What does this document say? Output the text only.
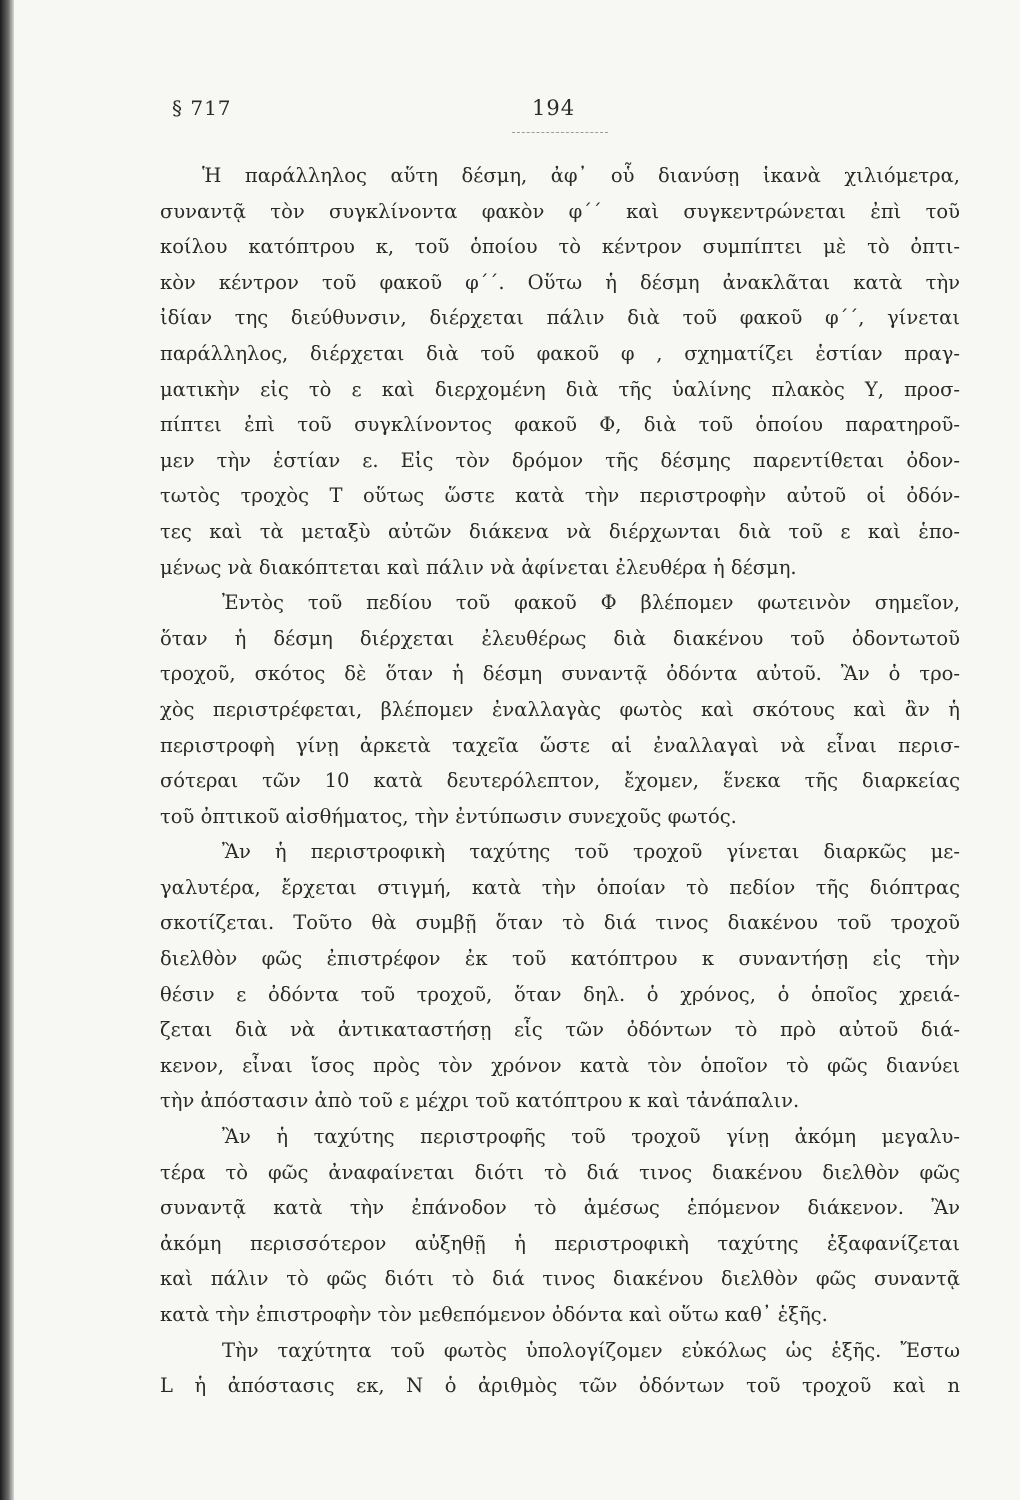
§ 717	194
Ἡ παράλληλος αὕτη δέσμη, ἀφ᾽ οὗ διανύσῃ ἱκανὰ χιλιόμετρα,
συναντᾷ τὸν συγκλίνοντα φακὸν φ΄΄ καὶ συγκεντρώνεται ἐπὶ τοῦ
κοίλου κατόπτρου κ, τοῦ ὁποίου τὸ κέντρον συμπίπτει μὲ τὸ ὀπτι-
κὸν κέντρον τοῦ φακοῦ φ΄΄. Οὕτω ἡ δέσμη ἀνακλᾶται κατὰ τὴν
ἰδίαν της διεύθυνσιν, διέρχεται πάλιν διὰ τοῦ φακοῦ φ΄΄, γίνεται
παράλληλος, διέρχεται διὰ τοῦ φακοῦ φ , σχηματίζει ἑστίαν πραγ-
ματικὴν εἰς τὸ ε καὶ διερχομένη διὰ τῆς ὑαλίνης πλακὸς Υ, προσ-
πίπτει ἐπὶ τοῦ συγκλίνοντος φακοῦ Φ, διὰ τοῦ ὁποίου παρατηροῦ-
μεν τὴν ἑστίαν ε. Εἰς τὸν δρόμον τῆς δέσμης παρεντίθεται ὀδον-
τωτὸς τροχὸς Τ οὕτως ὥστε κατὰ τὴν περιστροφὴν αὐτοῦ οἱ ὀδόν-
τες καὶ τὰ μεταξὺ αὐτῶν διάκενα νὰ διέρχωνται διὰ τοῦ ε καὶ ἑπο-
μένως νὰ διακόπτεται καὶ πάλιν νὰ ἀφίνεται ἐλευθέρα ἡ δέσμη.
Ἐντὸς τοῦ πεδίου τοῦ φακοῦ Φ βλέπομεν φωτεινὸν σημεῖον,
ὅταν ἡ δέσμη διέρχεται ἐλευθέρως διὰ διακένου τοῦ ὀδοντωτοῦ
τροχοῦ, σκότος δὲ ὅταν ἡ δέσμη συναντᾷ ὀδόντα αὐτοῦ. Ἂν ὁ τρο-
χὸς περιστρέφεται, βλέπομεν ἐναλλαγὰς φωτὸς καὶ σκότους καὶ ἂν ἡ
περιστροφὴ γίνῃ ἀρκετὰ ταχεῖα ὥστε αἱ ἐναλλαγαὶ νὰ εἶναι περισ-
σότεραι τῶν 10 κατὰ δευτερόλεπτον, ἔχομεν, ἕνεκα τῆς διαρκείας
τοῦ ὀπτικοῦ αἰσθήματος, τὴν ἐντύπωσιν συνεχοῦς φωτός.
Ἂν ἡ περιστροφικὴ ταχύτης τοῦ τροχοῦ γίνεται διαρκῶς με-
γαλυτέρα, ἔρχεται στιγμή, κατὰ τὴν ὁποίαν τὸ πεδίον τῆς διόπτρας
σκοτίζεται. Τοῦτο θὰ συμβῇ ὅταν τὸ διά τινος διακένου τοῦ τροχοῦ
διελθὸν φῶς ἐπιστρέφον ἐκ τοῦ κατόπτρου κ συναντήσῃ εἰς τὴν
θέσιν ε ὀδόντα τοῦ τροχοῦ, ὅταν δηλ. ὁ χρόνος, ὁ ὁποῖος χρειά-
ζεται διὰ νὰ ἀντικαταστήσῃ εἷς τῶν ὀδόντων τὸ πρὸ αὐτοῦ διά-
κενον, εἶναι ἴσος πρὸς τὸν χρόνον κατὰ τὸν ὁποῖον τὸ φῶς διανύει
τὴν ἀπόστασιν ἀπὸ τοῦ ε μέχρι τοῦ κατόπτρου κ καὶ τἀνάπαλιν.
Ἂν ἡ ταχύτης περιστροφῆς τοῦ τροχοῦ γίνῃ ἀκόμη μεγαλυ-
τέρα τὸ φῶς ἀναφαίνεται διότι τὸ διά τινος διακένου διελθὸν φῶς
συναντᾷ κατὰ τὴν ἐπάνοδον τὸ ἀμέσως ἑπόμενον διάκενον. Ἂν
ἀκόμη περισσότερον αὐξηθῇ ἡ περιστροφικὴ ταχύτης ἐξαφανίζεται
καὶ πάλιν τὸ φῶς διότι τὸ διά τινος διακένου διελθὸν φῶς συναντᾷ
κατὰ τὴν ἐπιστροφὴν τὸν μεθεπόμενον ὀδόντα καὶ οὕτω καθ᾽ ἑξῆς.
Τὴν ταχύτητα τοῦ φωτὸς ὑπολογίζομεν εὐκόλως ὡς ἑξῆς. Ἔστω
L ἡ ἀπόστασις εκ, N ὁ ἀριθμὸς τῶν ὀδόντων τοῦ τροχοῦ καὶ n
